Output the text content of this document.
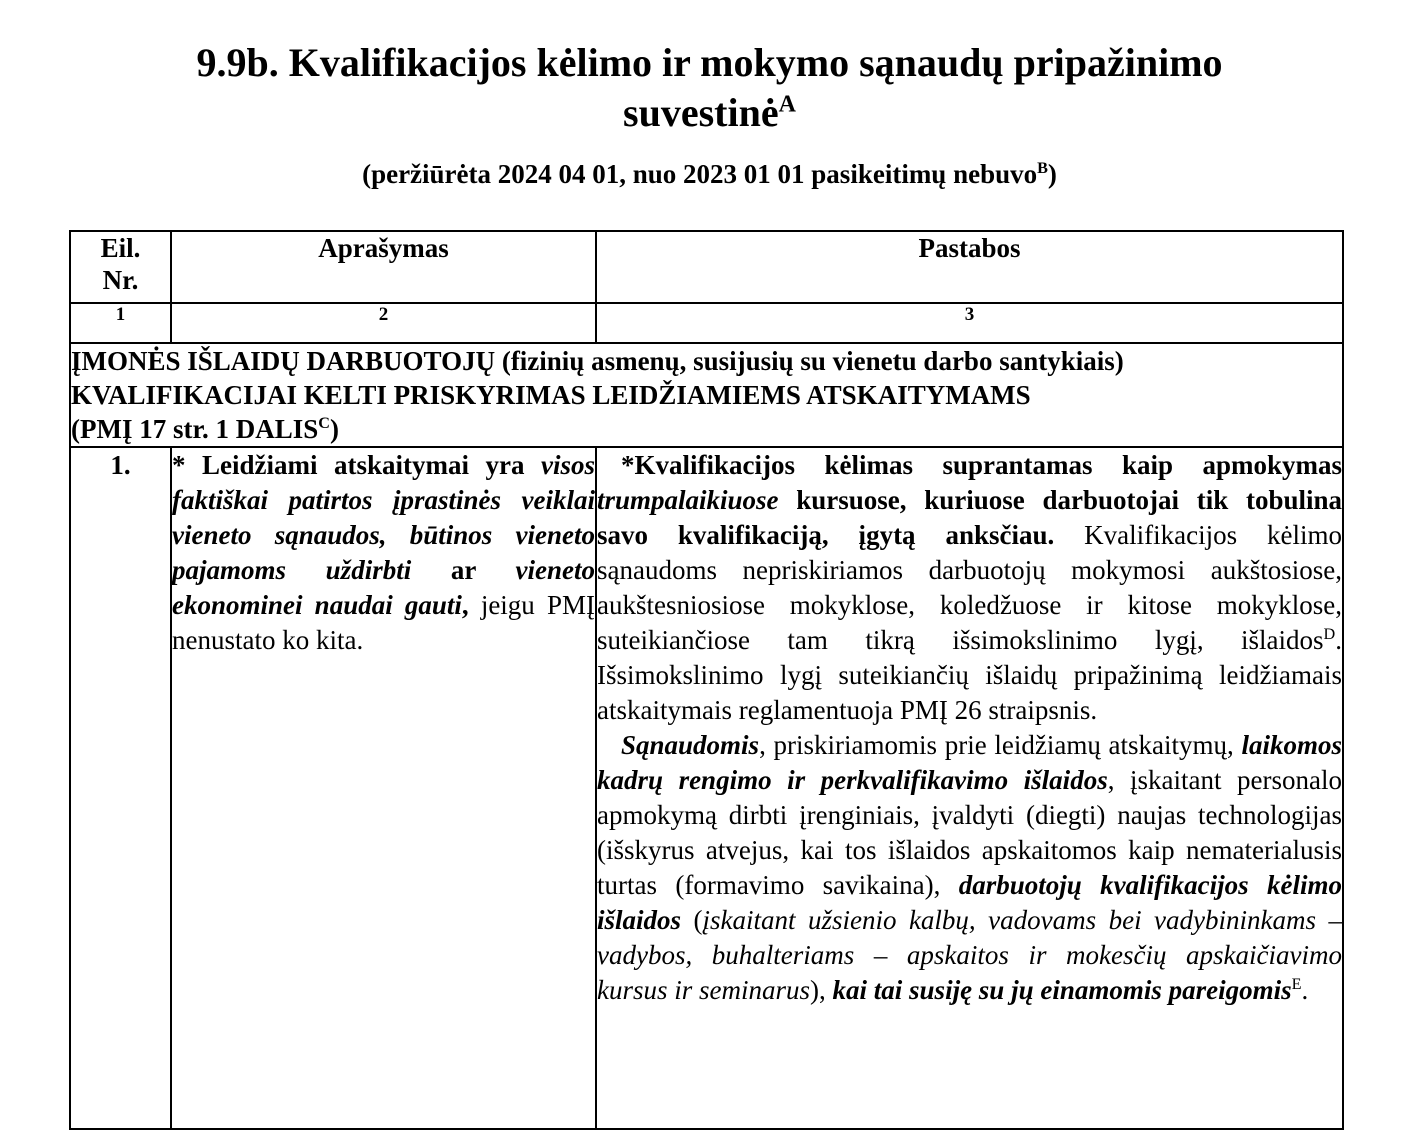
9.9b. Kvalifikacijos kėlimo ir mokymo sąnaudų pripažinimo
suvestinė$^A$
(peržiūrėta 2024 04 01, nuo 2023 01 01 pasikeitimų nebuvo$^B$)
Eil.
Nr.	Aprašymas	Pastabos
1	2	3
ĮMONĖS IŠLAIDŲ DARBUOTOJŲ (fizinių asmenų, susijusių su vienetu darbo santykiais)
KVALIFIKACIJAI KELTI PRISKYRIMAS LEIDŽIAMIEMS ATSKAITYMAMS
(PMĮ 17 str. 1 $DALIS^C$)		
1.	* Leidžiami atskaitymai yra visos faktiškai patirtos įprastinės veiklai vieneto sąnaudos, būtinos vieneto pajamoms uždirbti ar vieneto ekonominei naudai gauti, jeigu PMĮ nenustato ko kita.	*Kvalifikacijos kėlimas suprantamas kaip apmokymas trumpalaikiuose kursuose, kuriuose darbuotojai tik tobulina savo kvalifikaciją, įgytą anksčiau. Kvalifikacijos kėlimo sąnaudoms nepriskiriamos darbuotojų mokymosi aukštosiose, aukštesniosiose mokyklose, koledžuose ir kitose mokyklose, suteikiančiose tam tikrą išsimokslinimo lygį, išlaidos$^D$. Išsimokslinimo lygį suteikiančių išlaidų pripažinimą leidžiamais atskaitymais reglamentuoja PMĮ 26 straipsnis.

Sąnaudomis, priskiriamomis prie leidžiamų atskaitymų, laikomos kadrų rengimo ir perkvalifikavimo išlaidos, įskaitant personalo apmokymą dirbti įrenginiais, įvaldyti (diegti) naujas technologijas (išskyrus atvejus, kai tos išlaidos apskaitomos kaip nematerialusis turtas (formavimo savikaina), darbuotojų kvalifikacijos kėlimo išlaidos (įskaitant užsienio kalbų, vadovams bei vadybininkams – vadybos, buhalteriams – apskaitos ir mokesčių apskaičiavimo kursus ir seminarus), kai tai susiję su jų einamomis pareigomis$^E$.
